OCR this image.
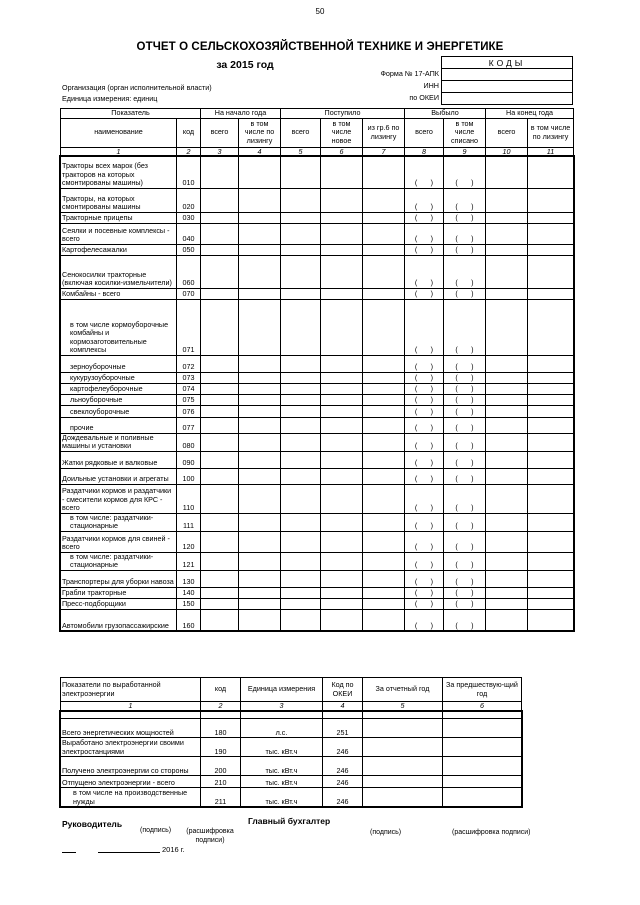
50
ОТЧЕТ О СЕЛЬСКОХОЗЯЙСТВЕННОЙ ТЕХНИКЕ И ЭНЕРГЕТИКЕ
за 2015 год	КОДЫ

Форма № 17-АПК
ИНН
по ОКЕИ
Организация (орган исполнительной власти)
Единица измерения: единиц
Показатель		На начало года		Поступило			Выбыло		На конец года	
наименование	код	всего	в том числе по лизингу	всего	в том числе новое	из гр.6 по лизингу	всего	в том числе списано	всего	в том числе по лизингу
1	2	3	4	5	6	7	8	9	10	11
Тракторы всех марок (без тракторов на которых смонтированы машины)	010						(      )	(      )		
Тракторы, на которых смонтированы машины	020						(      )	(      )		
Тракторные прицепы	030						(      )	(      )		
Сеялки и посевные комплексы - всего	040						(      )	(      )		
Картофелесажалки	050						(      )	(      )		
Сенокосилки тракторные (включая косилки-измельчители)	060						(      )	(      )		
Комбайны - всего	070						(      )	(      )		
в том числе кормоуборочные комбайны и кормозаготовительные комплексы	071						(      )	(      )		
зерноуборочные	072						(      )	(      )		
кукурузоуборочные	073						(      )	(      )		
картофелеуборочные	074						(      )	(      )		
льноуборочные	075						(      )	(      )		
свеклоуборочные	076						(      )	(      )		
прочие	077						(      )	(      )		
Дождевальные и поливные машины и установки	080						(      )	(      )		
Жатки рядковые и валковые	090						(      )	(      )		
Доильные установки и агрегаты	100						(      )	(      )		
Раздатчики кормов и раздатчики - смесители кормов для КРС - всего	110						(      )	(      )		
в том числе: раздатчики-стационарные	111						(      )	(      )		
Раздатчики кормов для свиней - всего	120						(      )	(      )		
в том числе: раздатчики-стационарные	121						(      )	(      )		
Транспортеры для уборки навоза	130						(      )	(      )		
Грабли тракторные	140						(      )	(      )		
Пресс-подборщики	150						(      )	(      )		
Автомобили грузопассажирские	160						(      )	(      )		
Показатели по выработанной электроэнергии	код	Единица измерения	Код по ОКЕИ	За отчетный год	За предшествую-щий год
1	2	3	4	5	6

Всего энергетических мощностей	180	л.с.	251		
Выработано электроэнергии своими электростанциями	190	тыс. кВт.ч	246		
Получено электроэнергии со стороны	200	тыс. кВт.ч	246		
Отпущено электроэнергии - всего	210	тыс. кВт.ч	246		
в том числе на производственные нужды	211	тыс. кВт.ч	246		
Руководитель	Главный бухгалтер
(подпись) (расшифровка подписи)
(подпись)	(расшифровка подписи)
2016 г.
